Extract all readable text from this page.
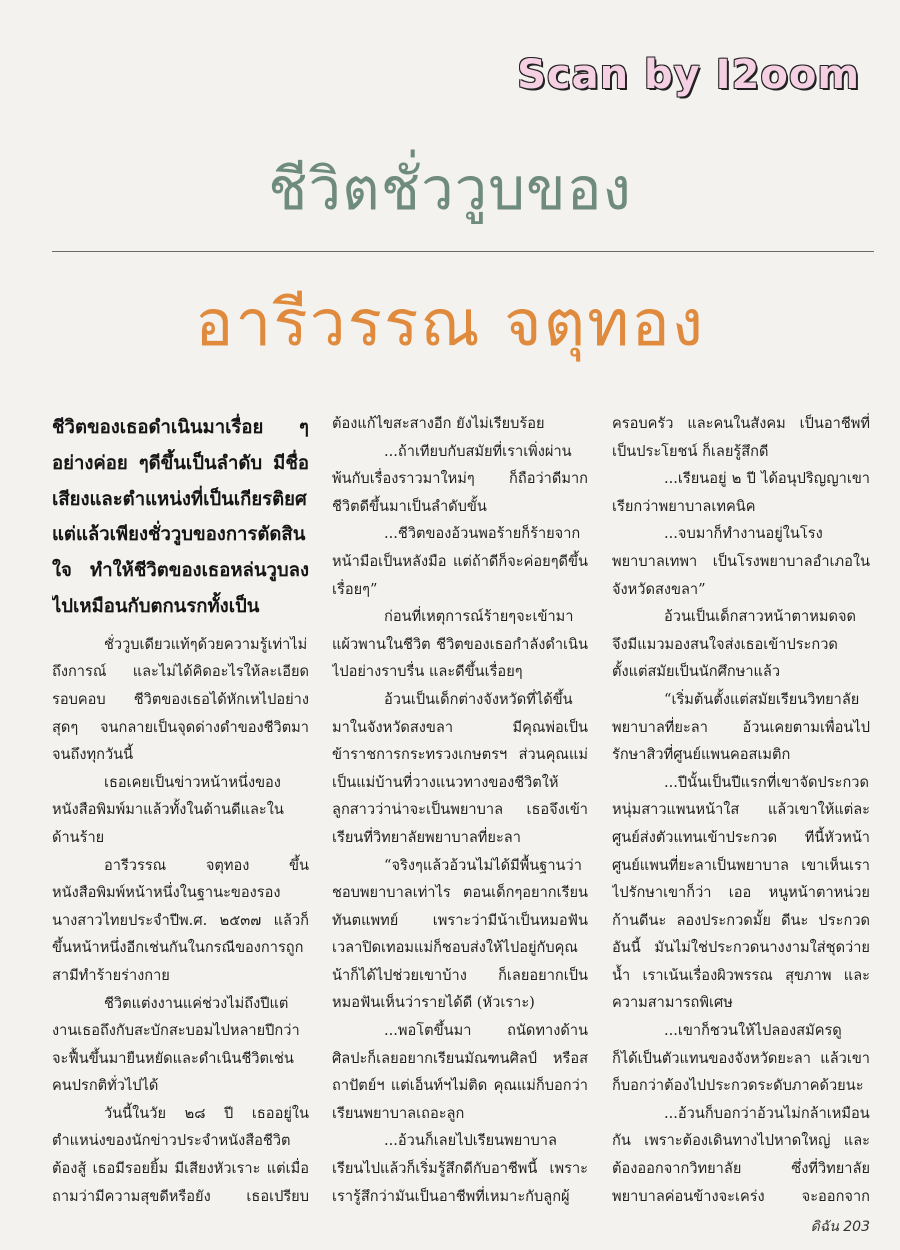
Scan by I2oom
ชีวิตชั่ววูบของ
อารีวรรณ จตุทอง
ชีวิตของเธอดำเนินมาเรื่อย ๆ อย่างค่อย ๆดีขึ้นเป็นลำดับ มีชื่อเสียงและตำแหน่งที่เป็นเกียรติยศ แต่แล้วเพียงชั่ววูบของการตัดสินใจ ทำให้ชีวิตของเธอหล่นวูบลงไปเหมือนกับตกนรกทั้งเป็น

ชั่ววูบเดียวแท้ๆด้วยความรู้เท่าไม่ถึงการณ์ และไม่ได้คิดอะไรให้ละเอียดรอบคอบ ชีวิตของเธอได้หักเหไปอย่างสุดๆ จนกลายเป็นจุดด่างดำของชีวิตมาจนถึงทุกวันนี้

เธอเคยเป็นข่าวหน้าหนึ่งของหนังสือพิมพ์มาแล้วทั้งในด้านดีและในด้านร้าย

อารีวรรณ จตุทอง ขึ้นหนังสือพิมพ์หน้าหนึ่งในฐานะของรองนางสาวไทยประจำปีพ.ศ. ๒๕๓๗ แล้วก็ขึ้นหน้าหนึ่งอีกเช่นกันในกรณีของการถูกสามีทำร้ายร่างกาย

ชีวิตแต่งงานแค่ช่วงไม่ถึงปีแต่งานเธอถึงกับสะบักสะบอมไปหลายปีกว่าจะฟื้นขึ้นมายืนหยัดและดำเนินชีวิตเช่นคนปรกติทั่วไปได้

วันนี้ในวัย ๒๘ ปี เธออยู่ในตำแหน่งของนักข่าวประจำหนังสือชีวิตต้องสู้ เธอมีรอยยิ้ม มีเสียงหัวเราะ แต่เมื่อถามว่ามีความสุขดีหรือยัง เธอเปรียบ

ต้องแก้ไขสะสางอีก ยังไม่เรียบร้อย

...ถ้าเทียบกับสมัยที่เราเพิ่งผ่านพ้นกับเรื่องราวมาใหม่ๆ ก็ถือว่าดีมาก ชีวิตดีขึ้นมาเป็นลำดับขั้น

...ชีวิตของอ้วนพอร้ายก็ร้ายจากหน้ามือเป็นหลังมือ แต่ถ้าดีก็จะค่อยๆดีขึ้นเรื่อยๆ”

ก่อนที่เหตุการณ์ร้ายๆจะเข้ามาแผ้วพานในชีวิต ชีวิตของเธอกำลังดำเนินไปอย่างราบรื่น และดีขึ้นเรื่อยๆ

อ้วนเป็นเด็กต่างจังหวัดที่ได้ขึ้นมาในจังหวัดสงขลา มีคุณพ่อเป็นข้าราชการกระทรวงเกษตรฯ ส่วนคุณแม่เป็นแม่บ้านที่วางแนวทางของชีวิตให้ลูกสาวว่าน่าจะเป็นพยาบาล เธอจึงเข้าเรียนที่วิทยาลัยพยาบาลที่ยะลา

“จริงๆแล้วอ้วนไม่ได้มีพื้นฐานว่าชอบพยาบาลเท่าไร ตอนเด็กๆอยากเรียนทันตแพทย์ เพราะว่ามีน้าเป็นหมอฟัน เวลาปิดเทอมแม่ก็ชอบส่งให้ไปอยู่กับคุณน้าก็ได้ไปช่วยเขาบ้าง ก็เลยอยากเป็นหมอฟันเห็นว่ารายได้ดี (หัวเราะ)

...พอโตขึ้นมา ถนัดทางด้านศิลปะก็เลยอยากเรียนมัณฑนศิลป์ หรือสถาปัตย์ฯ แต่เอ็นท์ฯไม่ติด คุณแม่ก็บอกว่าเรียนพยาบาลเถอะลูก

...อ้วนก็เลยไปเรียนพยาบาล เรียนไปแล้วก็เริ่มรู้สึกดีกับอาชีพนี้ เพราะเรารู้สึกว่ามันเป็นอาชีพที่เหมาะกับลูกผู้

ครอบครัว และคนในสังคม เป็นอาชีพที่เป็นประโยชน์ ก็เลยรู้สึกดี

...เรียนอยู่ ๒ ปี ได้อนุปริญญาเขาเรียกว่าพยาบาลเทคนิค

...จบมาก็ทำงานอยู่ในโรงพยาบาลเทพา เป็นโรงพยาบาลอำเภอในจังหวัดสงขลา”

อ้วนเป็นเด็กสาวหน้าตาหมดจดจึงมีแมวมองสนใจส่งเธอเข้าประกวดตั้งแต่สมัยเป็นนักศึกษาแล้ว

“เริ่มต้นตั้งแต่สมัยเรียนวิทยาลัยพยาบาลที่ยะลา อ้วนเคยตามเพื่อนไปรักษาสิวที่ศูนย์แพนคอสเมติก

...ปีนั้นเป็นปีแรกที่เขาจัดประกวดหนุ่มสาวแพนหน้าใส แล้วเขาให้แต่ละศูนย์ส่งตัวแทนเข้าประกวด ทีนี้หัวหน้าศูนย์แพนที่ยะลาเป็นพยาบาล เขาเห็นเราไปรักษาเขาก็ว่า เออ หนูหน้าตาหน่วยก้านดีนะ ลองประกวดมั้ย ดีนะ ประกวดอันนี้ มันไม่ใช่ประกวดนางงามใส่ชุดว่ายน้ำ เราเน้นเรื่องผิวพรรณ สุขภาพ และความสามารถพิเศษ

...เขาก็ชวนให้ไปลองสมัครดู ก็ได้เป็นตัวแทนของจังหวัดยะลา แล้วเขาก็บอกว่าต้องไปประกวดระดับภาคด้วยนะ

...อ้วนก็บอกว่าอ้วนไม่กล้าเหมือนกัน เพราะต้องเดินทางไปหาดใหญ่ และต้องออกจากวิทยาลัย ซึ่งที่วิทยาลัยพยาบาลค่อนข้างจะเคร่ง จะออกจาก

ดิฉัน 203
